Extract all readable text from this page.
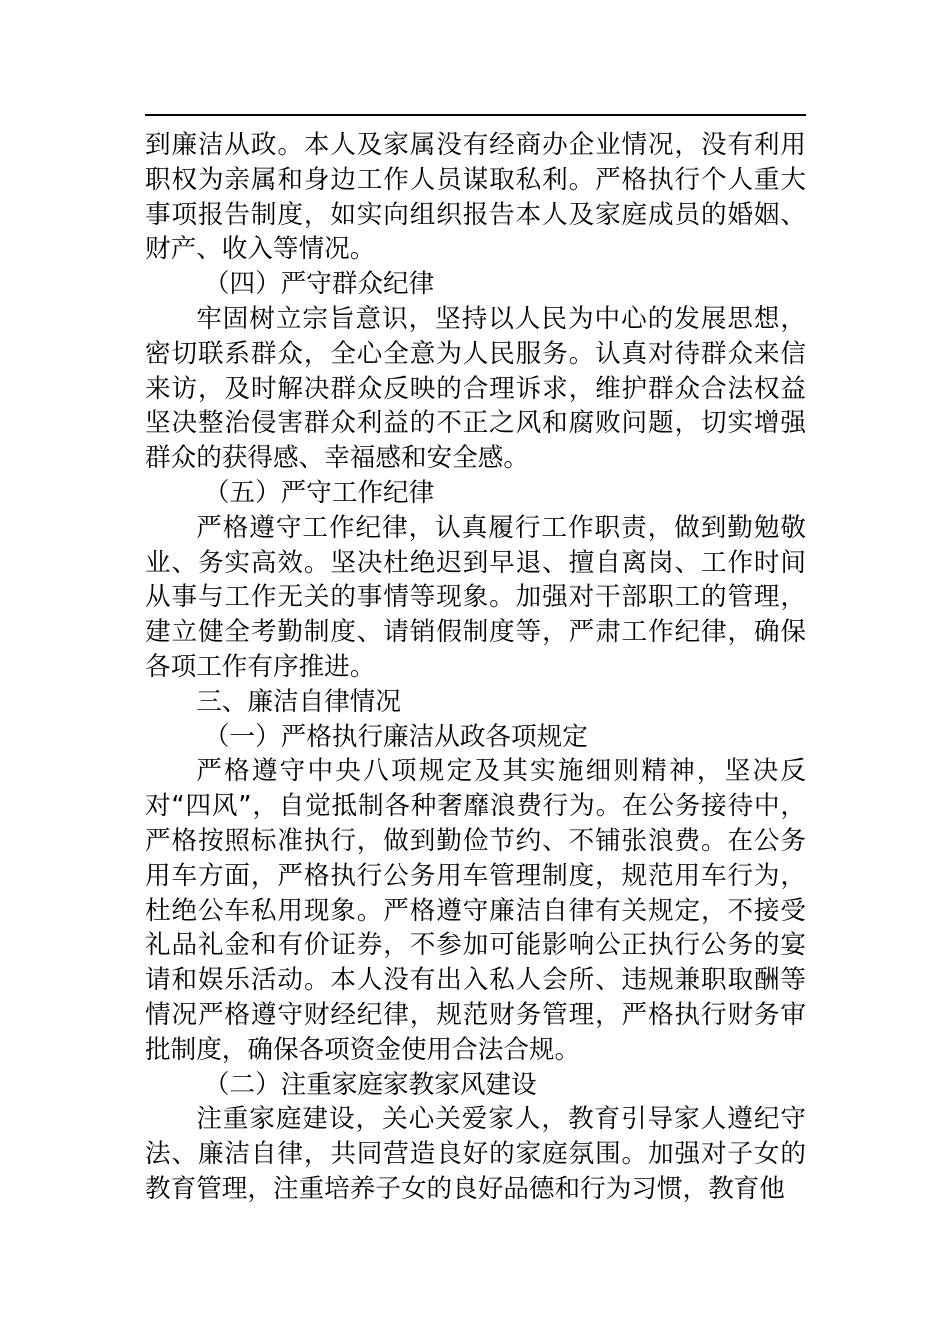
到廉洁从政。本人及家属没有经商办企业情况，没有利用职权为亲属和身边工作人员谋取私利。严格执行个人重大事项报告制度，如实向组织报告本人及家庭成员的婚姻、财产、收入等情况。

（四）严守群众纪律

牢固树立宗旨意识，坚持以人民为中心的发展思想，密切联系群众，全心全意为人民服务。认真对待群众来信来访，及时解决群众反映的合理诉求，维护群众合法权益坚决整治侵害群众利益的不正之风和腐败问题，切实增强群众的获得感、幸福感和安全感。

（五）严守工作纪律

严格遵守工作纪律，认真履行工作职责，做到勤勉敬业、务实高效。坚决杜绝迟到早退、擅自离岗、工作时间从事与工作无关的事情等现象。加强对干部职工的管理，建立健全考勤制度、请销假制度等，严肃工作纪律，确保各项工作有序推进。

三、廉洁自律情况

（一）严格执行廉洁从政各项规定

严格遵守中央八项规定及其实施细则精神，坚决反对“四风”，自觉抵制各种奢靡浪费行为。在公务接待中，严格按照标准执行，做到勤俭节约、不铺张浪费。在公务用车方面，严格执行公务用车管理制度，规范用车行为，杜绝公车私用现象。严格遵守廉洁自律有关规定，不接受礼品礼金和有价证券，不参加可能影响公正执行公务的宴请和娱乐活动。本人没有出入私人会所、违规兼职取酬等情况严格遵守财经纪律，规范财务管理，严格执行财务审批制度，确保各项资金使用合法合规。

（二）注重家庭家教家风建设

注重家庭建设，关心关爱家人，教育引导家人遵纪守法、廉洁自律，共同营造良好的家庭氛围。加强对子女的教育管理，注重培养子女的良好品德和行为习惯，教育他
